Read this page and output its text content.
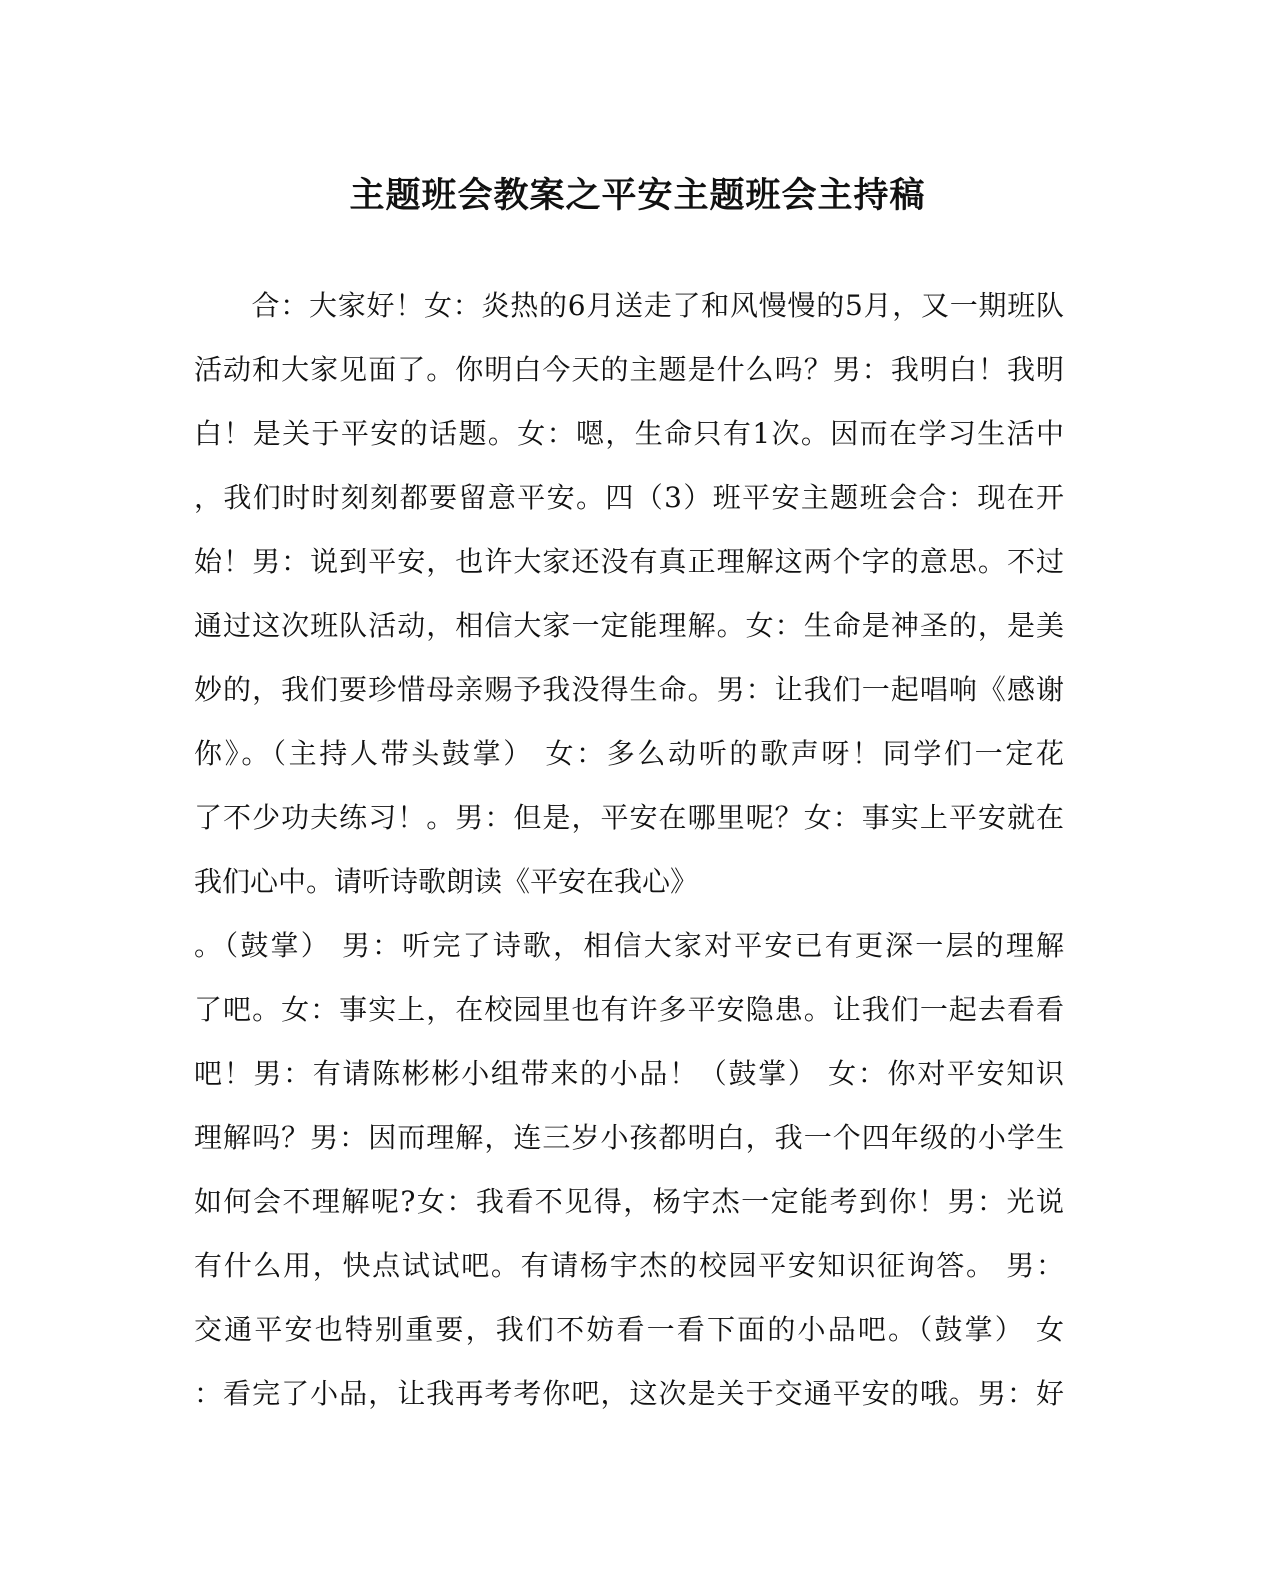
主题班会教案之平安主题班会主持稿
　　合：大家好！女：炎热的6月送走了和风慢慢的5月，又一期班队
活动和大家见面了。你明白今天的主题是什么吗？男：我明白！我明
白！是关于平安的话题。女：嗯，生命只有1次。因而在学习生活中
，我们时时刻刻都要留意平安。四（3）班平安主题班会合：现在开
始！男：说到平安，也许大家还没有真正理解这两个字的意思。不过
通过这次班队活动，相信大家一定能理解。女：生命是神圣的，是美
妙的，我们要珍惜母亲赐予我没得生命。男：让我们一起唱响《感谢
你》。（主持人带头鼓掌） 女：多么动听的歌声呀！同学们一定花
了不少功夫练习！。男：但是，平安在哪里呢？女：事实上平安就在
我们心中。请听诗歌朗读《平安在我心》
。（鼓掌） 男：听完了诗歌，相信大家对平安已有更深一层的理解
了吧。女：事实上，在校园里也有许多平安隐患。让我们一起去看看
吧！男：有请陈彬彬小组带来的小品！（鼓掌） 女：你对平安知识
理解吗？男：因而理解，连三岁小孩都明白，我一个四年级的小学生
如何会不理解呢?女：我看不见得，杨宇杰一定能考到你！男：光说
有什么用，快点试试吧。有请杨宇杰的校园平安知识征询答。 男：
交通平安也特别重要，我们不妨看一看下面的小品吧。（鼓掌） 女
：看完了小品，让我再考考你吧，这次是关于交通平安的哦。男：好
